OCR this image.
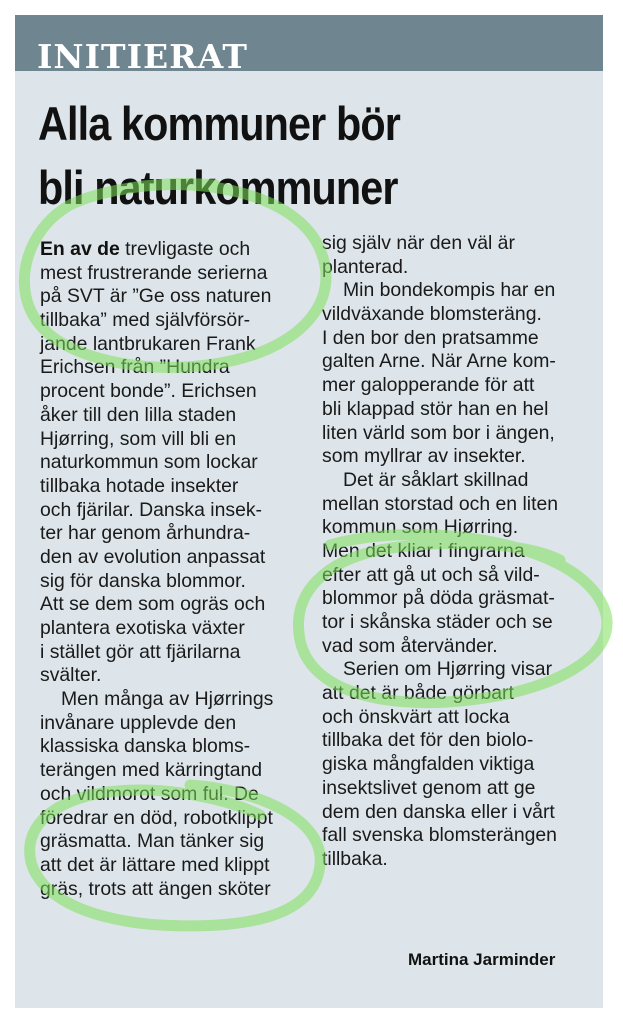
INITIERAT
Alla kommuner bör
bli naturkommuner
En av de trevligaste och
mest frustrerande serierna
på SVT är ”Ge oss naturen
tillbaka” med självförsör-
jande lantbrukaren Frank
Erichsen från ”Hundra
procent bonde”. Erichsen
åker till den lilla staden
Hjørring, som vill bli en
naturkommun som lockar
tillbaka hotade insekter
och fjärilar. Danska insek-
ter har genom århundra-
den av evolution anpassat
sig för danska blommor.
Att se dem som ogräs och
plantera exotiska växter
i stället gör att fjärilarna
svälter.
Men många av Hjørrings
invånare upplevde den
klassiska danska bloms-
terängen med kärringtand
och vildmorot som ful. De
föredrar en död, robotklippt
gräsmatta. Man tänker sig
att det är lättare med klippt
gräs, trots att ängen sköter
sig själv när den väl är
planterad.
Min bondekompis har en
vildväxande blomsteräng.
I den bor den pratsamme
galten Arne. När Arne kom-
mer galopperande för att
bli klappad stör han en hel
liten värld som bor i ängen,
som myllrar av insekter.
Det är såklart skillnad
mellan storstad och en liten
kommun som Hjørring.
Men det kliar i fingrarna
efter att gå ut och så vild-
blommor på döda gräsmat-
tor i skånska städer och se
vad som återvänder.
Serien om Hjørring visar
att det är både görbart
och önskvärt att locka
tillbaka det för den biolo-
giska mångfalden viktiga
insektslivet genom att ge
dem den danska eller i vårt
fall svenska blomsterängen
tillbaka.
Martina Jarminder
